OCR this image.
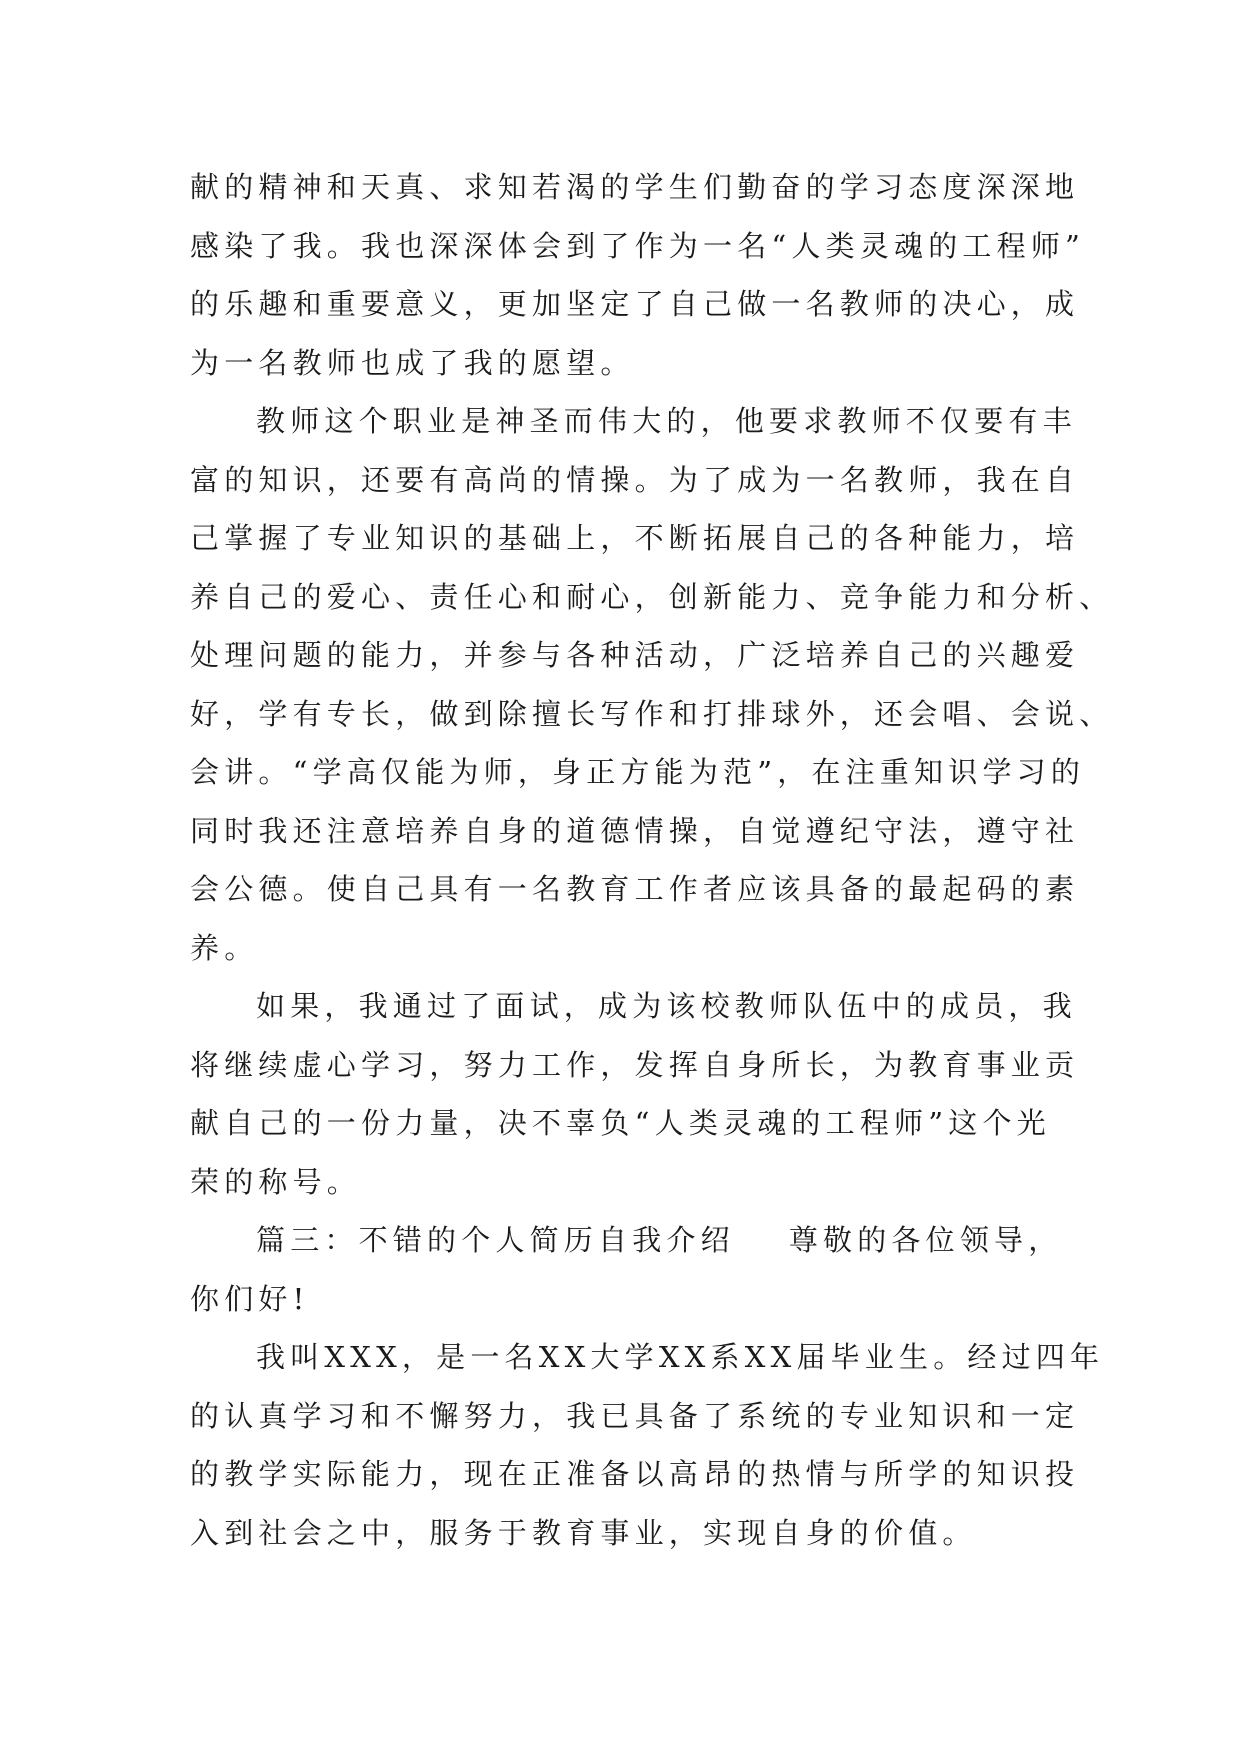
献的精神和天真、求知若渴的学生们勤奋的学习态度深深地
感染了我。我也深深体会到了作为一名“人类灵魂的工程师”
的乐趣和重要意义，更加坚定了自己做一名教师的决心，成
为一名教师也成了我的愿望。
教师这个职业是神圣而伟大的，他要求教师不仅要有丰
富的知识，还要有高尚的情操。为了成为一名教师，我在自
己掌握了专业知识的基础上，不断拓展自己的各种能力，培
养自己的爱心、责任心和耐心，创新能力、竞争能力和分析、
处理问题的能力，并参与各种活动，广泛培养自己的兴趣爱
好，学有专长，做到除擅长写作和打排球外，还会唱、会说、
会讲。“学高仅能为师，身正方能为范”，在注重知识学习的
同时我还注意培养自身的道德情操，自觉遵纪守法，遵守社
会公德。使自己具有一名教育工作者应该具备的最起码的素
养。
如果，我通过了面试，成为该校教师队伍中的成员，我
将继续虚心学习，努力工作，发挥自身所长，为教育事业贡
献自己的一份力量，决不辜负“人类灵魂的工程师”这个光
荣的称号。
篇三：不错的个人简历自我介绍 尊敬的各位领导，
你们好!
我叫XXX，是一名XX大学XX系XX届毕业生。经过四年
的认真学习和不懈努力，我已具备了系统的专业知识和一定
的教学实际能力，现在正准备以高昂的热情与所学的知识投
入到社会之中，服务于教育事业，实现自身的价值。
